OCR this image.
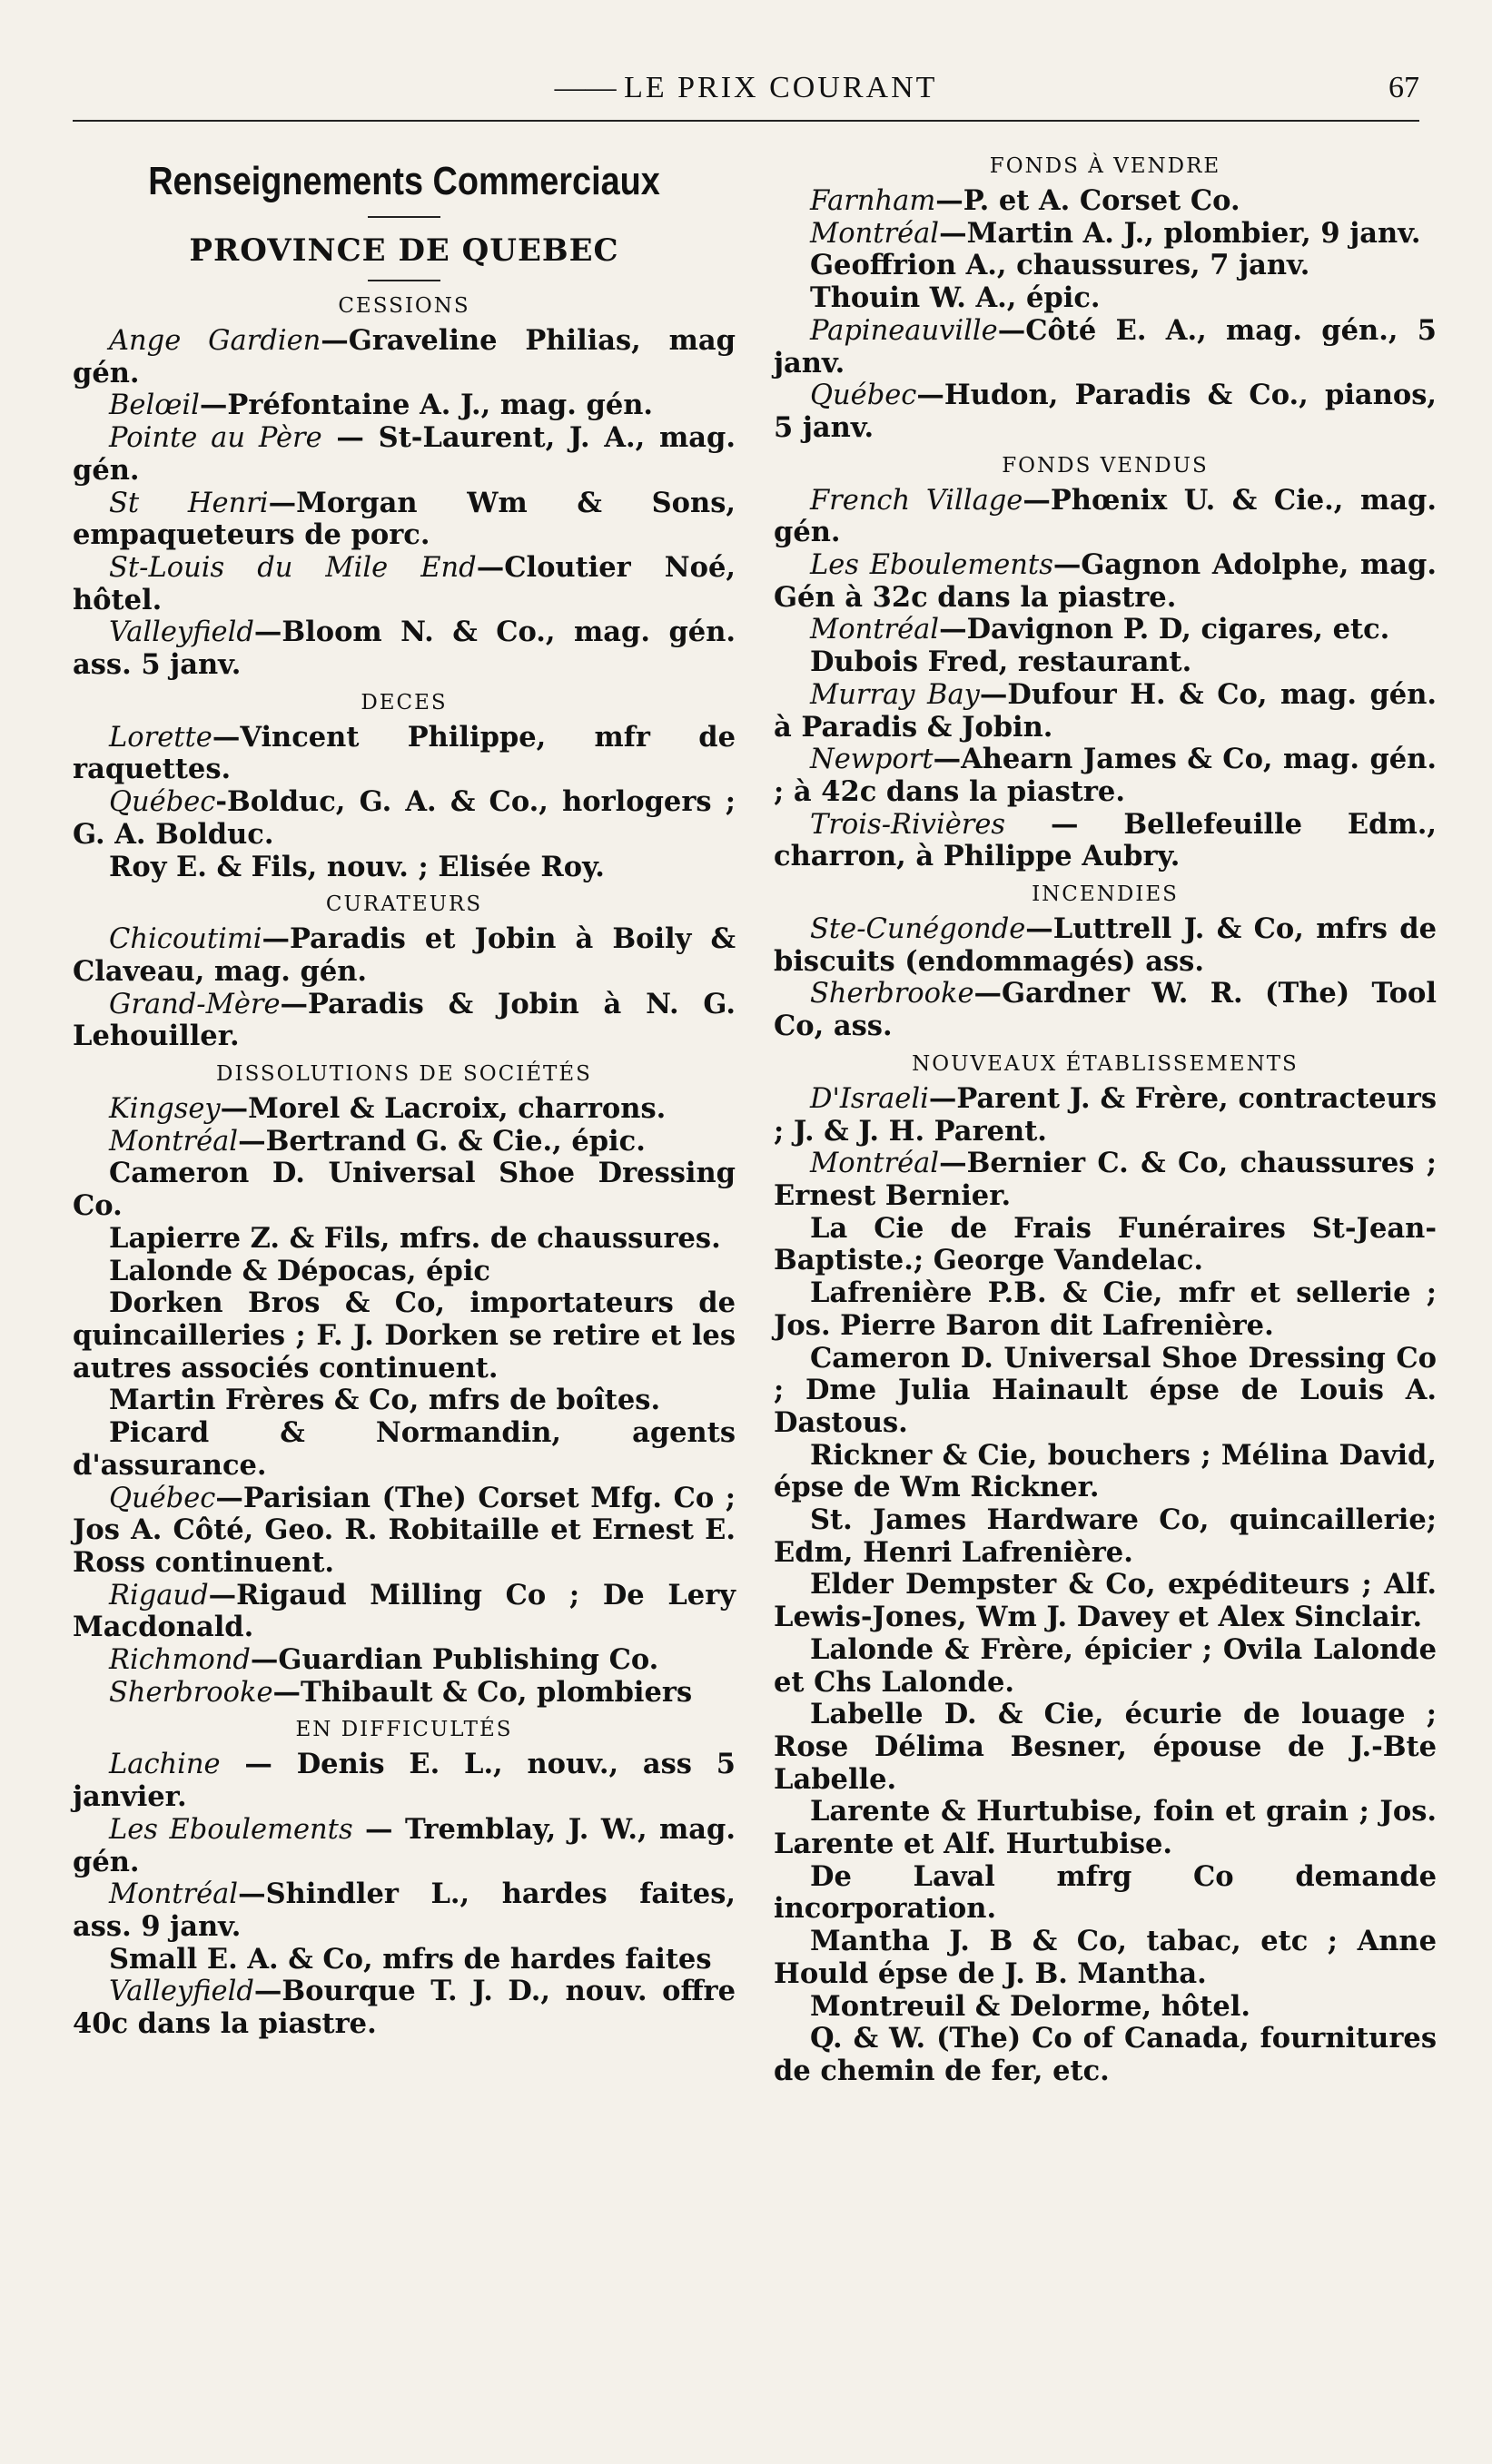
—— LE PRIX COURANT	67
Renseignements Commerciaux
PROVINCE DE QUEBEC
CESSIONS

Ange Gardien—Graveline Philias, mag gén.

Belœil—Préfontaine A. J., mag. gén.

Pointe au Père — St-Laurent, J. A., mag. gén.

St Henri—Morgan Wm & Sons, empaqueteurs de porc.

St-Louis du Mile End—Cloutier Noé, hôtel.

Valleyfield—Bloom N. & Co., mag. gén. ass. 5 janv.

DECES

Lorette—Vincent Philippe, mfr de raquettes.

Québec-Bolduc, G. A. & Co., horlogers ; G. A. Bolduc.

Roy E. & Fils, nouv. ; Elisée Roy.

CURATEURS

Chicoutimi—Paradis et Jobin à Boily & Claveau, mag. gén.

Grand-Mère—Paradis & Jobin à N. G. Lehouiller.

DISSOLUTIONS DE SOCIÉTÉS

Kingsey—Morel & Lacroix, charrons.

Montréal—Bertrand G. & Cie., épic.

Cameron D. Universal Shoe Dressing Co.

Lapierre Z. & Fils, mfrs. de chaussures.

Lalonde & Dépocas, épic

Dorken Bros & Co, importateurs de quincailleries ; F. J. Dorken se retire et les autres associés continuent.

Martin Frères & Co, mfrs de boîtes.

Picard & Normandin, agents d'assurance.

Québec—Parisian (The) Corset Mfg. Co ; Jos A. Côté, Geo. R. Robitaille et Ernest E. Ross continuent.

Rigaud—Rigaud Milling Co ; De Lery Macdonald.

Richmond—Guardian Publishing Co.

Sherbrooke—Thibault & Co, plombiers

EN DIFFICULTÉS

Lachine — Denis E. L., nouv., ass 5 janvier.

Les Eboulements — Tremblay, J. W., mag. gén.

Montréal—Shindler L., hardes faites, ass. 9 janv.

Small E. A. & Co, mfrs de hardes faites

Valleyfield—Bourque T. J. D., nouv. offre 40c dans la piastre.

FONDS À VENDRE

Farnham—P. et A. Corset Co.

Montréal—Martin A. J., plombier, 9 janv.

Geoffrion A., chaussures, 7 janv.

Thouin W. A., épic.

Papineauville—Côté E. A., mag. gén., 5 janv.

Québec—Hudon, Paradis & Co., pianos, 5 janv.

FONDS VENDUS

French Village—Phœnix U. & Cie., mag. gén.

Les Eboulements—Gagnon Adolphe, mag. Gén à 32c dans la piastre.

Montréal—Davignon P. D, cigares, etc.

Dubois Fred, restaurant.

Murray Bay—Dufour H. & Co, mag. gén. à Paradis & Jobin.

Newport—Ahearn James & Co, mag. gén. ; à 42c dans la piastre.

Trois-Rivières — Bellefeuille Edm., charron, à Philippe Aubry.

INCENDIES

Ste-Cunégonde—Luttrell J. & Co, mfrs de biscuits (endommagés) ass.

Sherbrooke—Gardner W. R. (The) Tool Co, ass.

NOUVEAUX ÉTABLISSEMENTS

D'Israeli—Parent J. & Frère, contracteurs ; J. & J. H. Parent.

Montréal—Bernier C. & Co, chaussures ; Ernest Bernier.

La Cie de Frais Funéraires St-Jean-Baptiste.; George Vandelac.

Lafrenière P.B. & Cie, mfr et sellerie ; Jos. Pierre Baron dit Lafrenière.

Cameron D. Universal Shoe Dressing Co ; Dme Julia Hainault épse de Louis A. Dastous.

Rickner & Cie, bouchers ; Mélina David, épse de Wm Rickner.

St. James Hardware Co, quincaillerie; Edm, Henri Lafrenière.

Elder Dempster & Co, expéditeurs ; Alf. Lewis-Jones, Wm J. Davey et Alex Sinclair.

Lalonde & Frère, épicier ; Ovila Lalonde et Chs Lalonde.

Labelle D. & Cie, écurie de louage ; Rose Délima Besner, épouse de J.-Bte Labelle.

Larente & Hurtubise, foin et grain ; Jos. Larente et Alf. Hurtubise.

De Laval mfrg Co demande incorporation.

Mantha J. B & Co, tabac, etc ; Anne Hould épse de J. B. Mantha.

Montreuil & Delorme, hôtel.

Q. & W. (The) Co of Canada, fournitures de chemin de fer, etc.
